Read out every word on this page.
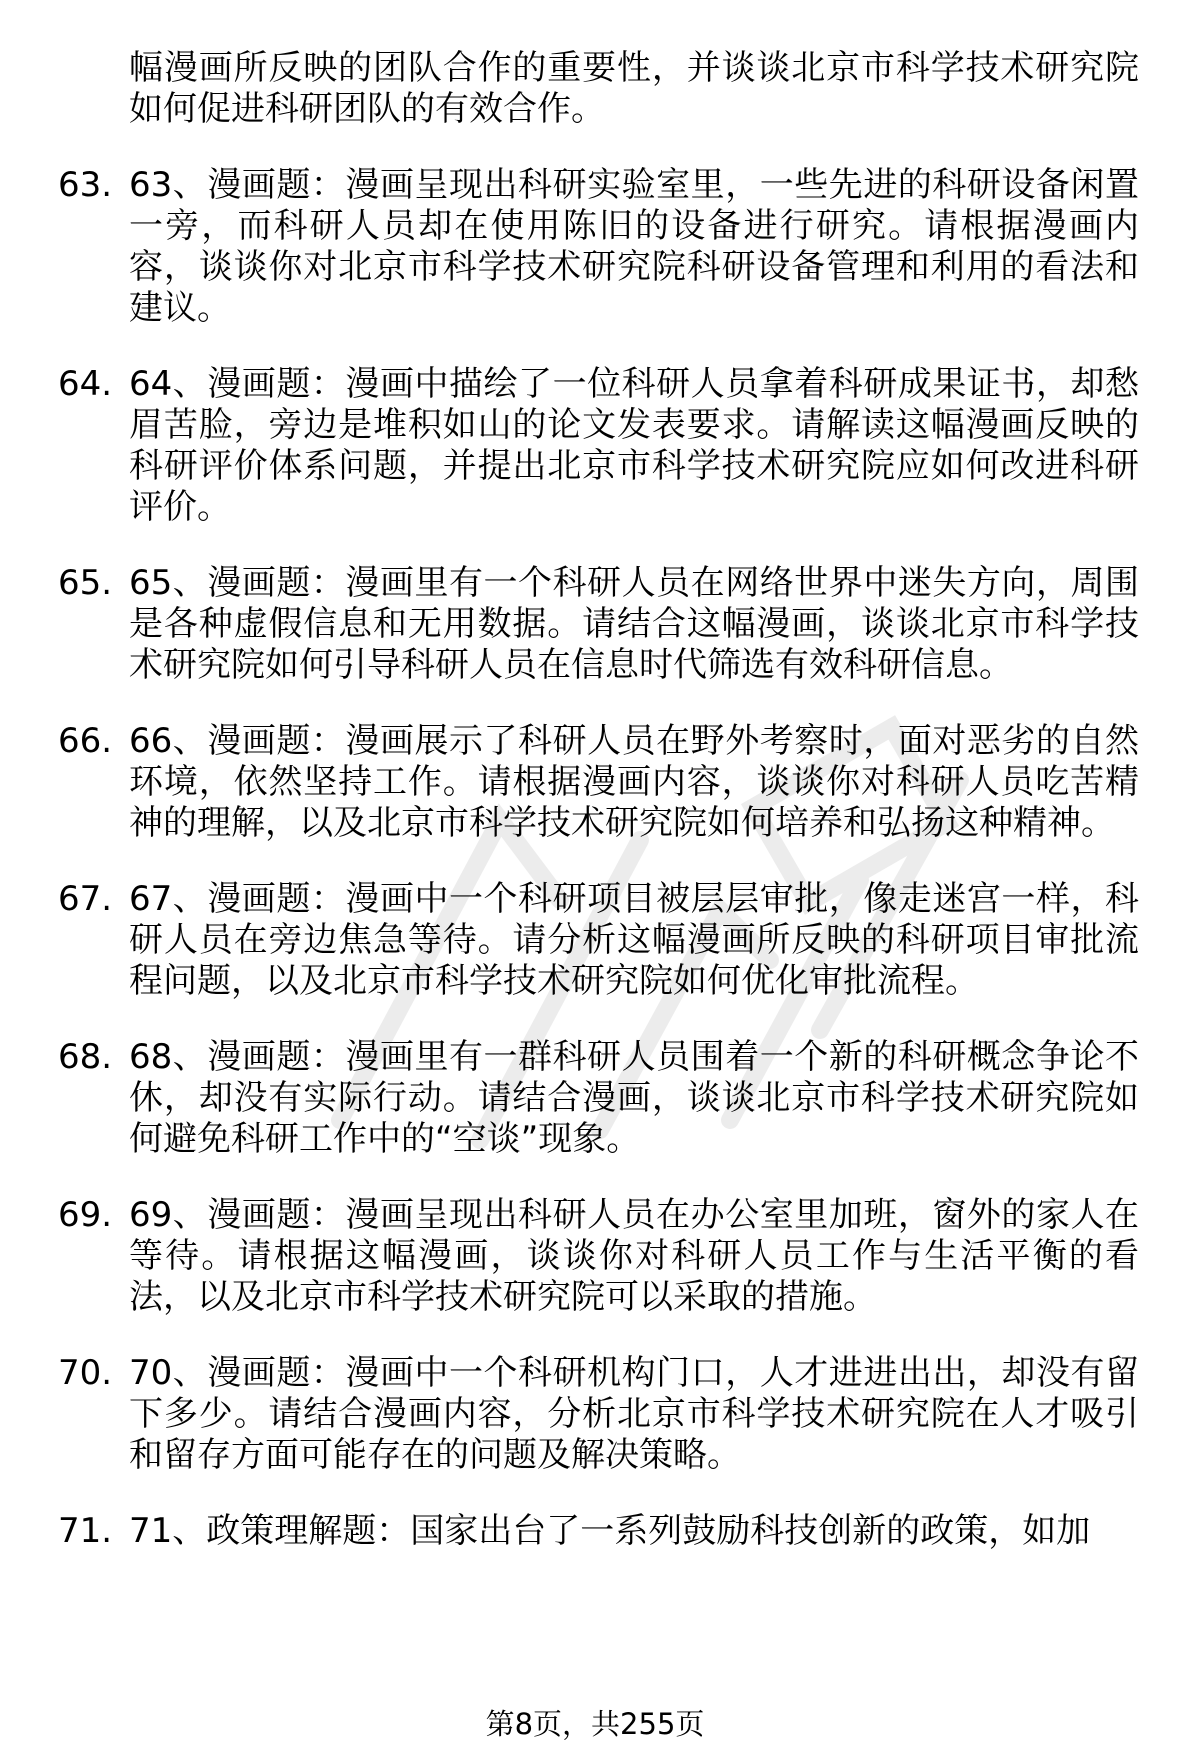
幅漫画所反映的团队合作的重要性，并谈谈北京市科学技术研究院如何促进科研团队的有效合作。
63. 63、漫画题：漫画呈现出科研实验室里，一些先进的科研设备闲置一旁，而科研人员却在使用陈旧的设备进行研究。请根据漫画内容，谈谈你对北京市科学技术研究院科研设备管理和利用的看法和建议。
64. 64、漫画题：漫画中描绘了一位科研人员拿着科研成果证书，却愁眉苦脸，旁边是堆积如山的论文发表要求。请解读这幅漫画反映的科研评价体系问题，并提出北京市科学技术研究院应如何改进科研评价。
65. 65、漫画题：漫画里有一个科研人员在网络世界中迷失方向，周围是各种虚假信息和无用数据。请结合这幅漫画，谈谈北京市科学技术研究院如何引导科研人员在信息时代筛选有效科研信息。
66. 66、漫画题：漫画展示了科研人员在野外考察时，面对恶劣的自然环境，依然坚持工作。请根据漫画内容，谈谈你对科研人员吃苦精神的理解，以及北京市科学技术研究院如何培养和弘扬这种精神。
67. 67、漫画题：漫画中一个科研项目被层层审批，像走迷宫一样，科研人员在旁边焦急等待。请分析这幅漫画所反映的科研项目审批流程问题，以及北京市科学技术研究院如何优化审批流程。
68. 68、漫画题：漫画里有一群科研人员围着一个新的科研概念争论不休，却没有实际行动。请结合漫画，谈谈北京市科学技术研究院如何避免科研工作中的“空谈”现象。
69. 69、漫画题：漫画呈现出科研人员在办公室里加班，窗外的家人在等待。请根据这幅漫画，谈谈你对科研人员工作与生活平衡的看法，以及北京市科学技术研究院可以采取的措施。
70. 70、漫画题：漫画中一个科研机构门口，人才进进出出，却没有留下多少。请结合漫画内容，分析北京市科学技术研究院在人才吸引和留存方面可能存在的问题及解决策略。
71. 71、政策理解题：国家出台了一系列鼓励科技创新的政策，如加
第8页，共255页
